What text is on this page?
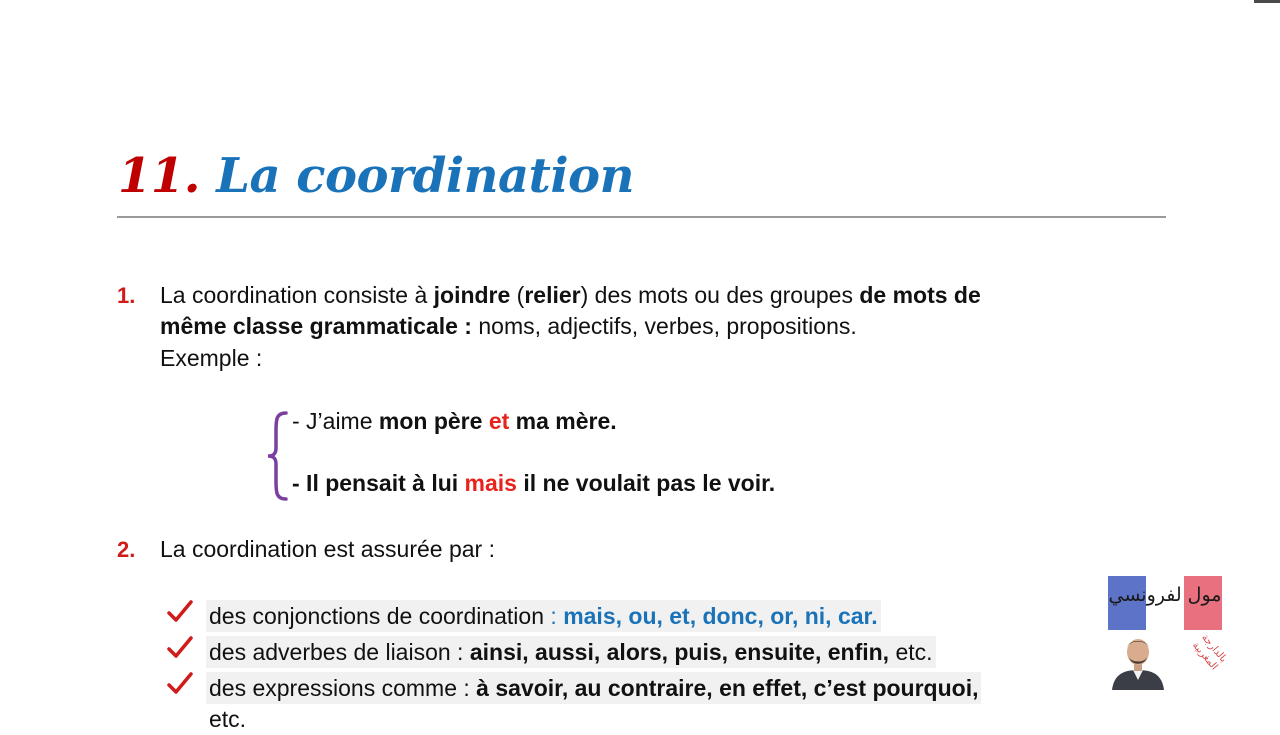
11. La coordination
1. La coordination consiste à joindre (relier) des mots ou des groupes de mots de
même classe grammaticale : noms, adjectifs, verbes, propositions.
Exemple :
- J’aime mon père et ma mère.
- Il pensait à lui mais il ne voulait pas le voir.
2. La coordination est assurée par :
des conjonctions de coordination : mais, ou, et, donc, or, ni, car.
des adverbes de liaison : ainsi, aussi, alors, puis, ensuite, enfin, etc.
des expressions comme : à savoir, au contraire, en effet, c’est pourquoi,
etc.
مول لفرونسي
بالدارجة المغربية
